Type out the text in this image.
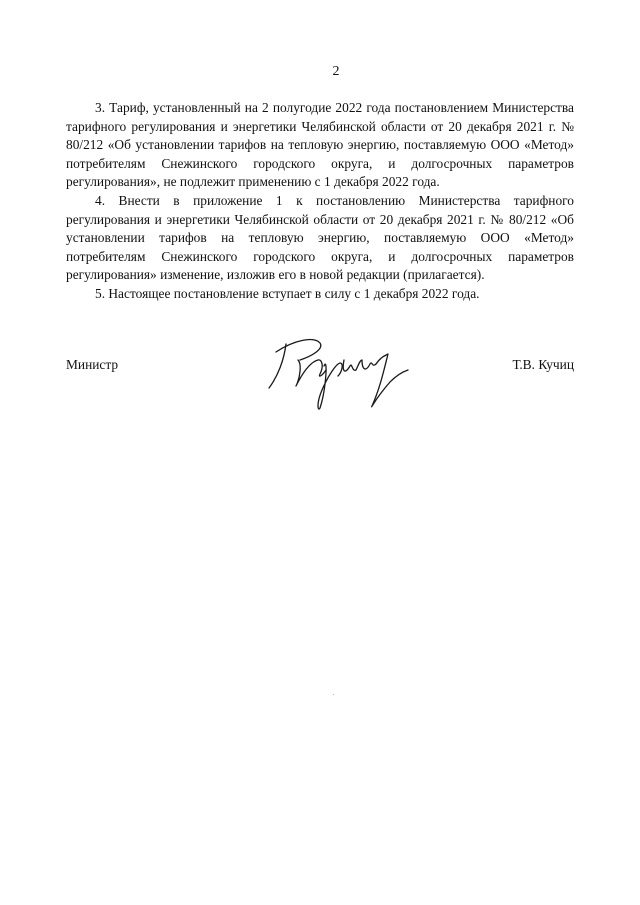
2

3. Тариф, установленный на 2 полугодие 2022 года постановлением Министерства тарифного регулирования и энергетики Челябинской области от 20 декабря 2021 г. № 80/212 «Об установлении тарифов на тепловую энергию, поставляемую ООО «Метод» потребителям Снежинского городского округа, и долгосрочных параметров регулирования», не подлежит применению с 1 декабря 2022 года.

4. Внести в приложение 1 к постановлению Министерства тарифного регулирования и энергетики Челябинской области от 20 декабря 2021 г. № 80/212 «Об установлении тарифов на тепловую энергию, поставляемую ООО «Метод» потребителям Снежинского городского округа, и долгосрочных параметров регулирования» изменение, изложив его в новой редакции (прилагается).

5. Настоящее постановление вступает в силу с 1 декабря 2022 года.

Министр	Т.В. Кучиц
